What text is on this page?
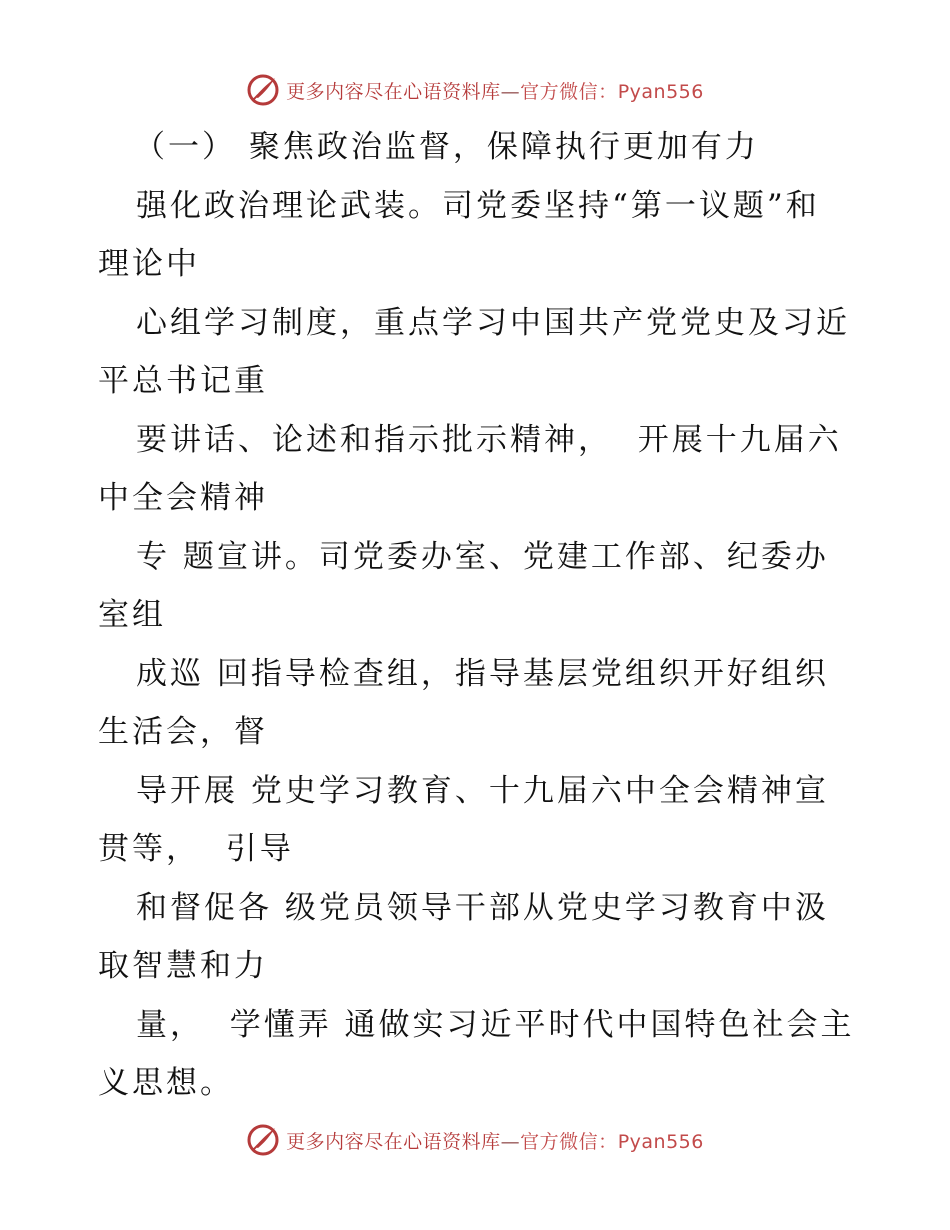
更多内容尽在心语资料库—官方微信：Pyan556
（一） 聚焦政治监督，保障执行更加有力
强化政治理论武装。司党委坚持“第一议题”和
理论中
心组学习制度，重点学习中国共产党党史及习近
平总书记重
要讲话、论述和指示批示精神，  开展十九届六
中全会精神
专 题宣讲。司党委办室、党建工作部、纪委办
室组
成巡 回指导检查组，指导基层党组织开好组织
生活会，督
导开展 党史学习教育、十九届六中全会精神宣
贯等，  引导
和督促各 级党员领导干部从党史学习教育中汲
取智慧和力
量，  学懂弄 通做实习近平时代中国特色社会主
义思想。
更多内容尽在心语资料库—官方微信：Pyan556
